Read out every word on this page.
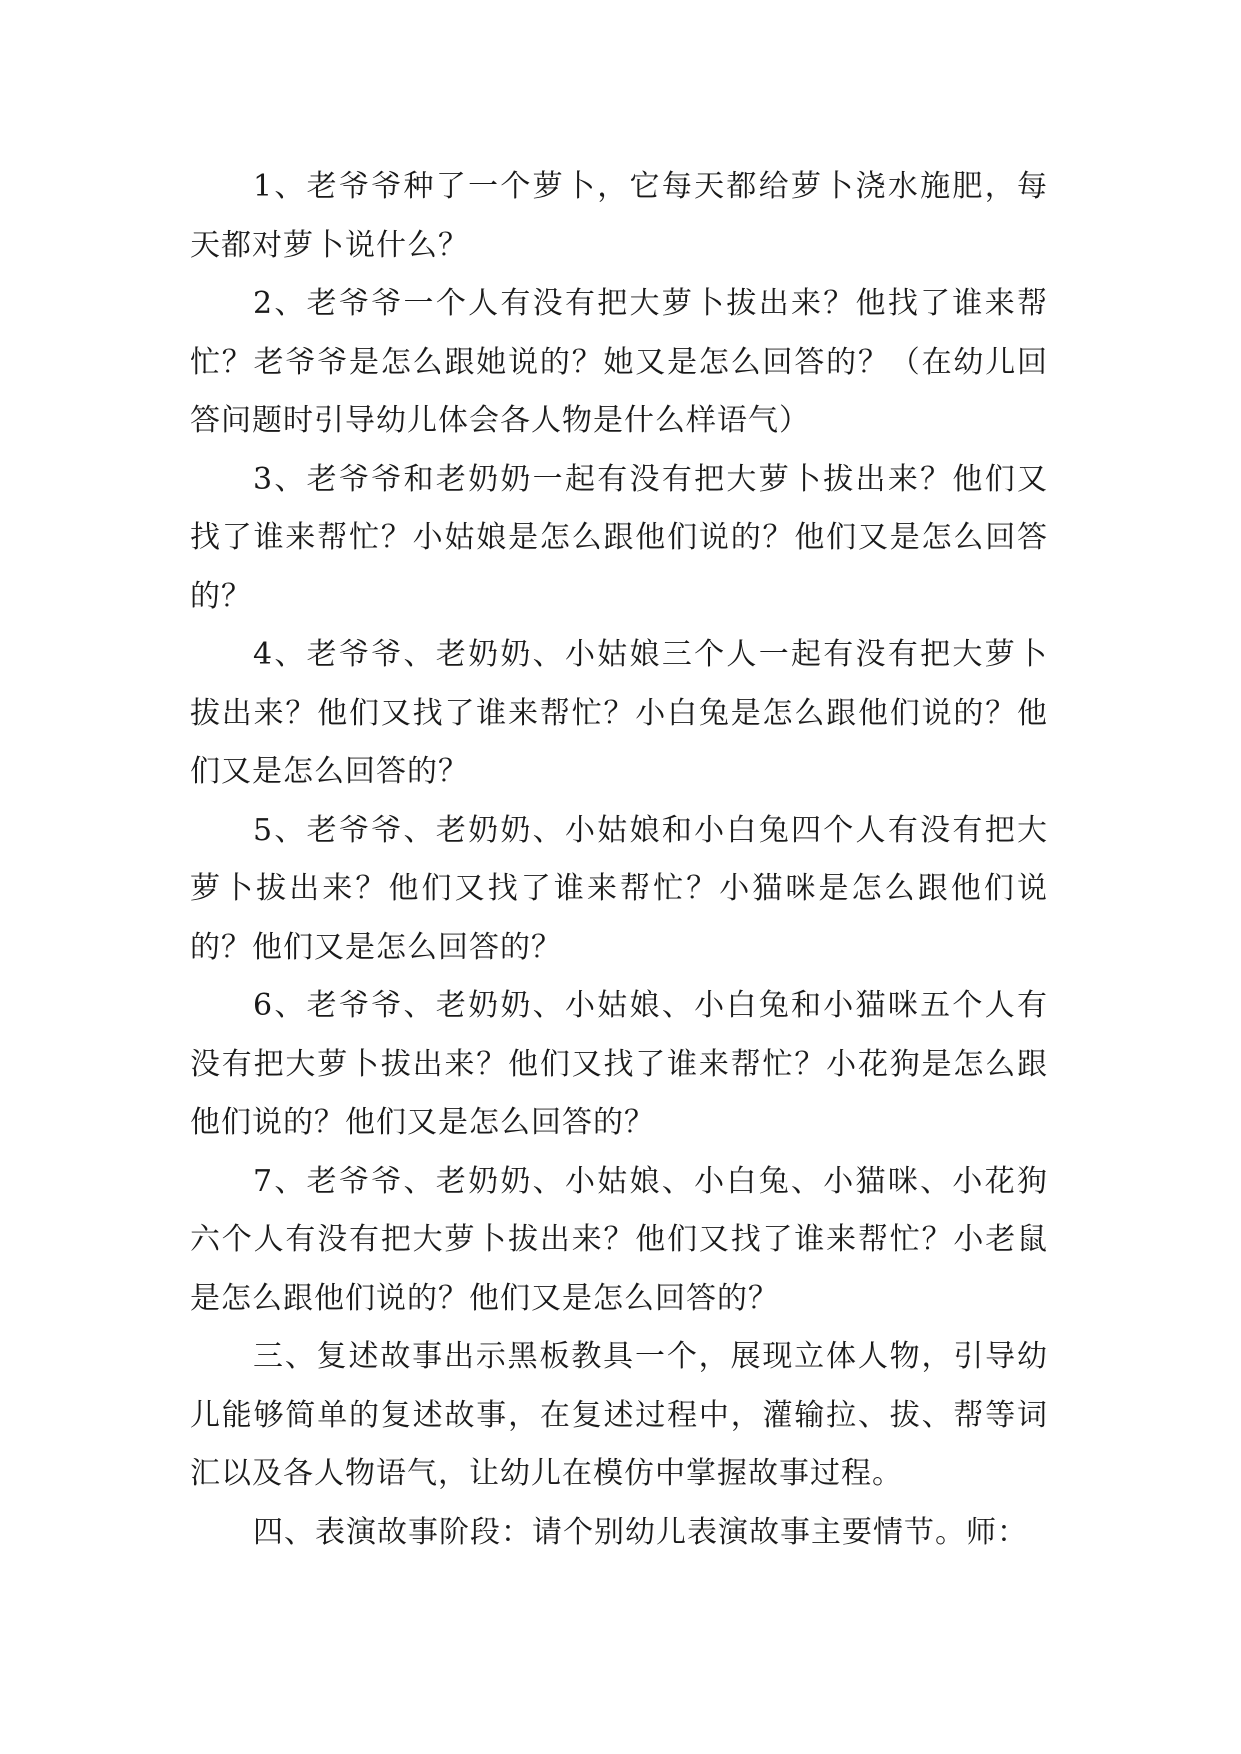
1、老爷爷种了一个萝卜，它每天都给萝卜浇水施肥，每天都对萝卜说什么？

2、老爷爷一个人有没有把大萝卜拔出来？他找了谁来帮忙？老爷爷是怎么跟她说的？她又是怎么回答的？（在幼儿回答问题时引导幼儿体会各人物是什么样语气）

3、老爷爷和老奶奶一起有没有把大萝卜拔出来？他们又找了谁来帮忙？小姑娘是怎么跟他们说的？他们又是怎么回答的？

4、老爷爷、老奶奶、小姑娘三个人一起有没有把大萝卜拔出来？他们又找了谁来帮忙？小白兔是怎么跟他们说的？他们又是怎么回答的？

5、老爷爷、老奶奶、小姑娘和小白兔四个人有没有把大萝卜拔出来？他们又找了谁来帮忙？小猫咪是怎么跟他们说的？他们又是怎么回答的？

6、老爷爷、老奶奶、小姑娘、小白兔和小猫咪五个人有没有把大萝卜拔出来？他们又找了谁来帮忙？小花狗是怎么跟他们说的？他们又是怎么回答的？

7、老爷爷、老奶奶、小姑娘、小白兔、小猫咪、小花狗六个人有没有把大萝卜拔出来？他们又找了谁来帮忙？小老鼠是怎么跟他们说的？他们又是怎么回答的？

三、复述故事出示黑板教具一个，展现立体人物，引导幼儿能够简单的复述故事，在复述过程中，灌输拉、拔、帮等词汇以及各人物语气，让幼儿在模仿中掌握故事过程。

四、表演故事阶段：请个别幼儿表演故事主要情节。师：
